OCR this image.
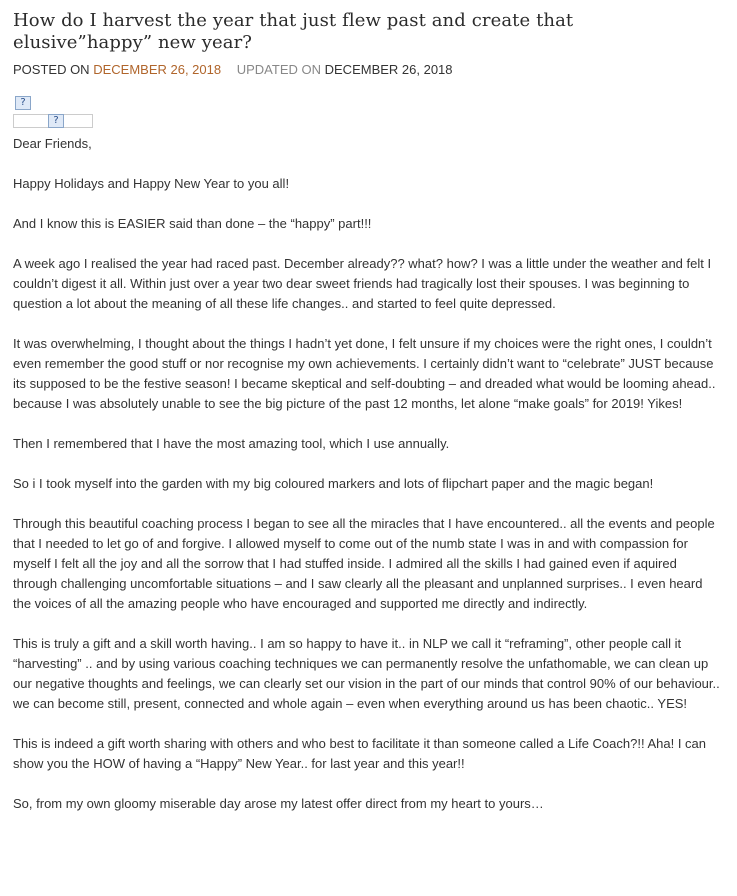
How do I harvest the year that just flew past and create that elusive”happy” new year?
POSTED ON DECEMBER 26, 2018 UPDATED ON DECEMBER 26, 2018
?
?

Dear Friends,

Happy Holidays and Happy New Year to you all!

And I know this is EASIER said than done – the “happy” part!!!

A week ago I realised the year had raced past. December already?? what? how? I was a little under the weather and felt I couldn’t digest it all. Within just over a year two dear sweet friends had tragically lost their spouses. I was beginning to question a lot about the meaning of all these life changes.. and started to feel quite depressed.

It was overwhelming, I thought about the things I hadn’t yet done, I felt unsure if my choices were the right ones, I couldn’t even remember the good stuff or nor recognise my own achievements. I certainly didn’t want to “celebrate” JUST because its supposed to be the festive season! I became skeptical and self-doubting – and dreaded what would be looming ahead.. because I was absolutely unable to see the big picture of the past 12 months, let alone “make goals” for 2019! Yikes!

Then I remembered that I have the most amazing tool, which I use annually.

So i I took myself into the garden with my big coloured markers and lots of flipchart paper and the magic began!

Through this beautiful coaching process I began to see all the miracles that I have encountered.. all the events and people that I needed to let go of and forgive. I allowed myself to come out of the numb state I was in and with compassion for myself I felt all the joy and all the sorrow that I had stuffed inside. I admired all the skills I had gained even if aquired through challenging uncomfortable situations – and I saw clearly all the pleasant and unplanned surprises.. I even heard the voices of all the amazing people who have encouraged and supported me directly and indirectly.

This is truly a gift and a skill worth having.. I am so happy to have it.. in NLP we call it “reframing”, other people call it “harvesting” .. and by using various coaching techniques we can permanently resolve the unfathomable, we can clean up our negative thoughts and feelings, we can clearly set our vision in the part of our minds that control 90% of our behaviour.. we can become still, present, connected and whole again – even when everything around us has been chaotic.. YES!

This is indeed a gift worth sharing with others and who best to facilitate it than someone called a Life Coach?!! Aha! I can show you the HOW of having a “Happy” New Year.. for last year and this year!!

So, from my own gloomy miserable day arose my latest offer direct from my heart to yours…
